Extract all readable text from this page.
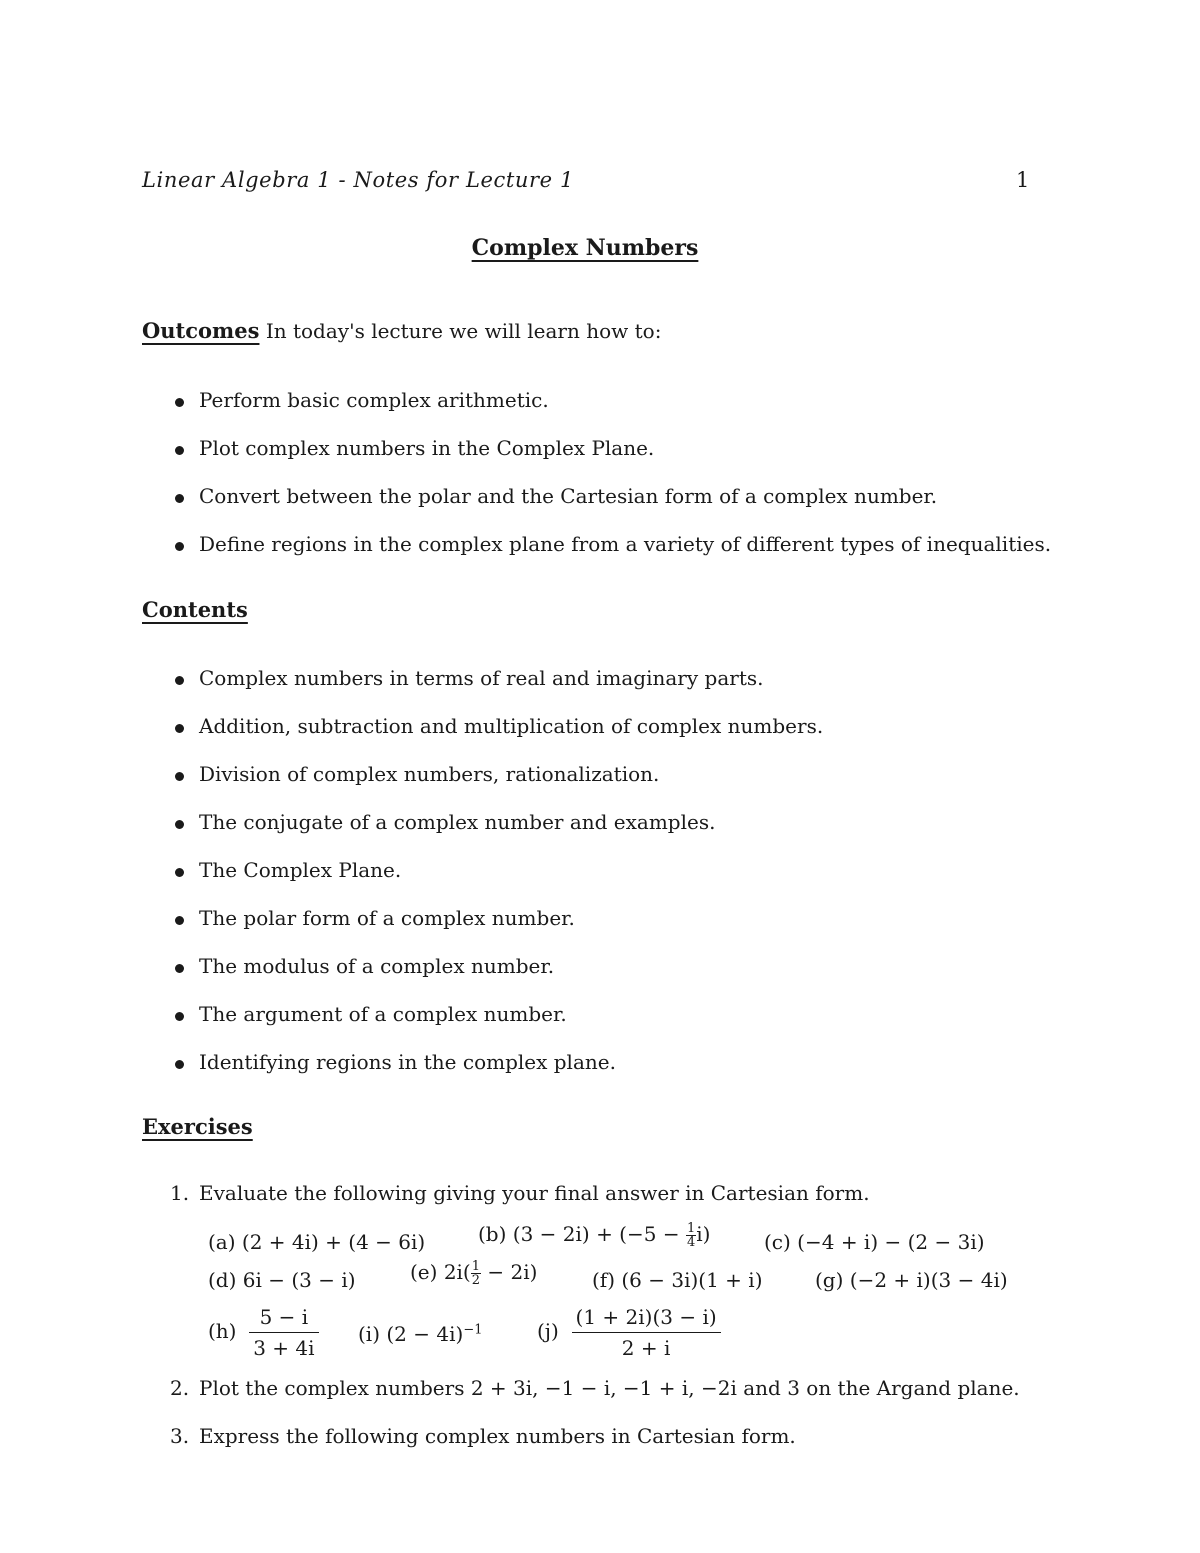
Linear Algebra 1 - Notes for Lecture 1	1
Complex Numbers
Outcomes In today's lecture we will learn how to:
Perform basic complex arithmetic.
Plot complex numbers in the Complex Plane.
Convert between the polar and the Cartesian form of a complex number.
Define regions in the complex plane from a variety of different types of inequalities.
Contents
Complex numbers in terms of real and imaginary parts.
Addition, subtraction and multiplication of complex numbers.
Division of complex numbers, rationalization.
The conjugate of a complex number and examples.
The Complex Plane.
The polar form of a complex number.
The modulus of a complex number.
The argument of a complex number.
Identifying regions in the complex plane.
Exercises
1. Evaluate the following giving your final answer in Cartesian form.
(a) (2 + 4i) + (4 − 6i)	(b) $(3 - 2i) + (-5 - \frac{1}{4} i)$	(c) (−4 + i) − (2 − 3i)
(d) 6i − (3 − i)	(e) $2i( \frac{1}{2} - 2i)$	(f) (6 − 3i)(1 + i)	(g) (−2 + i)(3 − 4i)
$(h) \frac{5 - i}{3 + 4i} (i) (2 - 4i)^{-1}$	$(j) \frac{(1 + 2i)(3 - i)}{2 + i}$
2. Plot the complex numbers 2 + 3i, −1 − i, −1 + i, −2i and 3 on the Argand plane.
3. Express the following complex numbers in Cartesian form.
